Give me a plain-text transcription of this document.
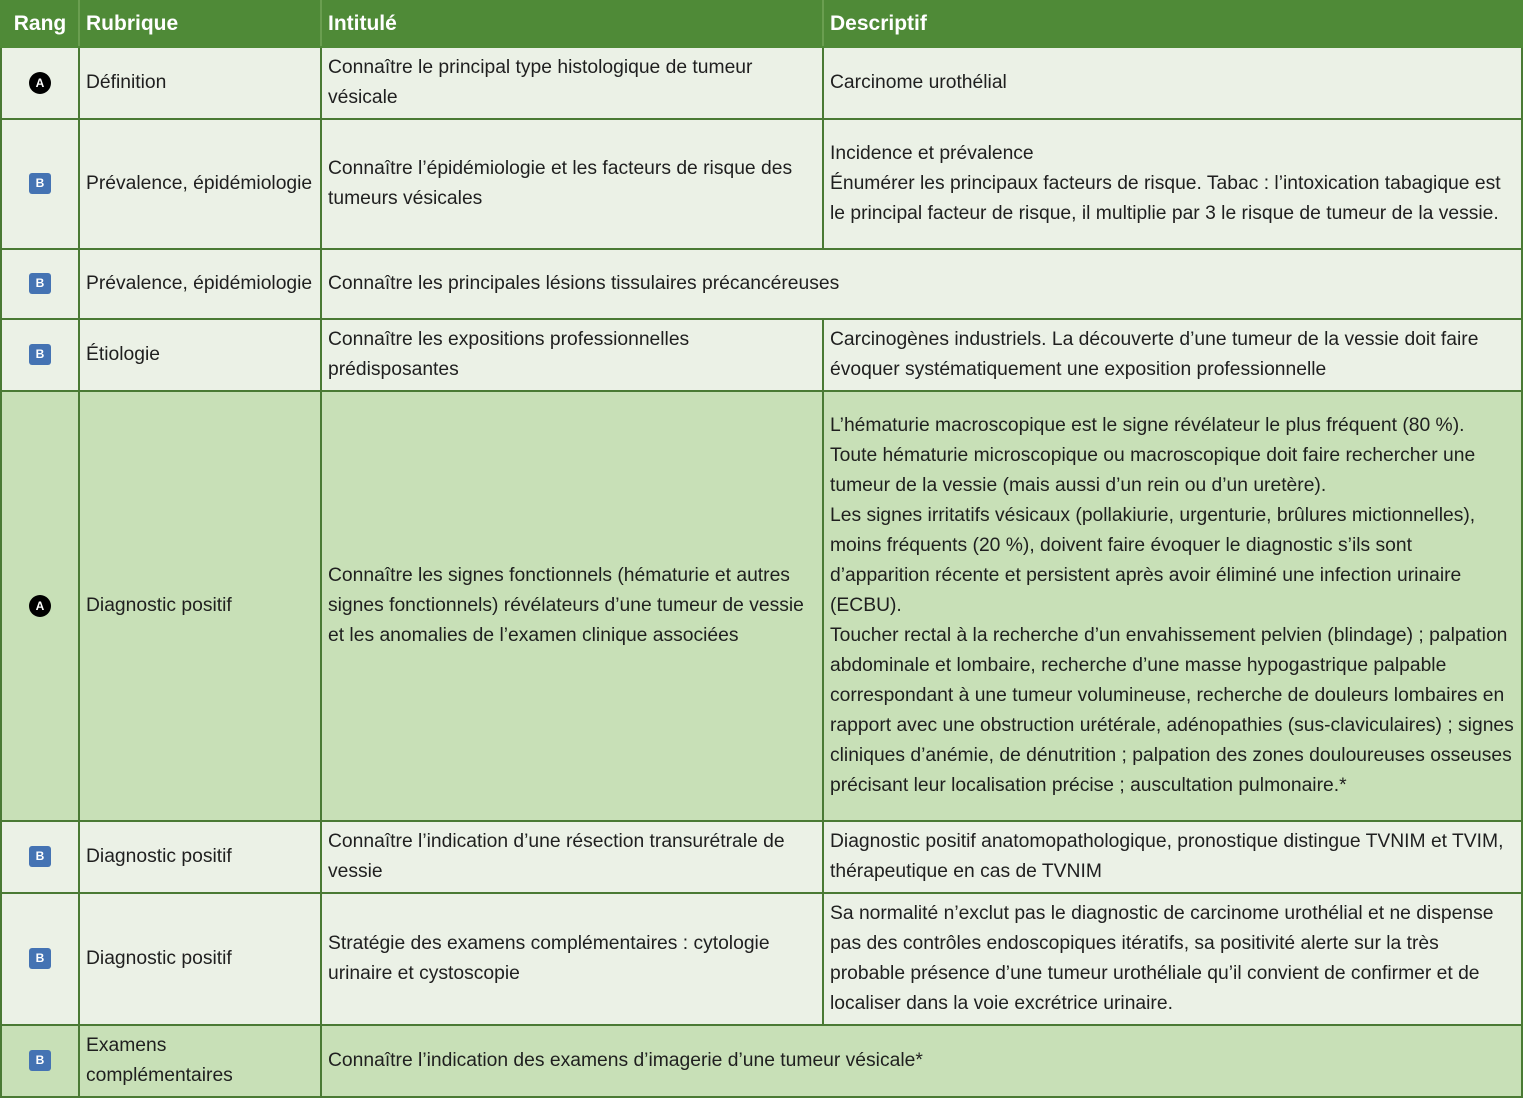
Rang	Rubrique	Intitulé	Descriptif
A	Définition	Connaître le principal type histologique de tumeur vésicale	Carcinome urothélial

B	Prévalence, épidémiologie	Connaître l’épidémiologie et les facteurs de risque des tumeurs vésicales	Incidence et prévalence
Énumérer les principaux facteurs de risque. Tabac : l’intoxication tabagique est le principal facteur de risque, il multiplie par 3 le risque de tumeur de la vessie.

B	Prévalence, épidémiologie	Connaître les principales lésions tissulaires précancéreuses	
B	Étiologie	Connaître les expositions professionnelles prédisposantes	Carcinogènes industriels. La découverte d’une tumeur de la vessie doit faire évoquer systématiquement une exposition professionnelle

A	Diagnostic positif	Connaître les signes fonctionnels (hématurie et autres signes fonctionnels) révélateurs d’une tumeur de vessie et les anomalies de l’examen clinique associées	L’hématurie macroscopique est le signe révélateur le plus fréquent (80 %). Toute hématurie microscopique ou macroscopique doit faire rechercher une tumeur de la vessie (mais aussi d’un rein ou d’un uretère).
Les signes irritatifs vésicaux (pollakiurie, urgenturie, brûlures mictionnelles), moins fréquents (20 %), doivent faire évoquer le diagnostic s’ils sont d’apparition récente et persistent après avoir éliminé une infection urinaire (ECBU).
Toucher rectal à la recherche d’un envahissement pelvien (blindage) ; palpation abdominale et lombaire, recherche d’une masse hypogastrique palpable correspondant à une tumeur volumineuse, recherche de douleurs lombaires en rapport avec une obstruction urétérale, adénopathies (sus-claviculaires) ; signes cliniques d’anémie, de dénutrition ; palpation des zones douloureuses osseuses précisant leur localisation précise ; auscultation pulmonaire.*

B	Diagnostic positif	Connaître l’indication d’une résection transurétrale de vessie	Diagnostic positif anatomopathologique, pronostique distingue TVNIM et TVIM, thérapeutique en cas de TVNIM

B	Diagnostic positif	Stratégie des examens complémentaires : cytologie urinaire et cystoscopie	Sa normalité n’exclut pas le diagnostic de carcinome urothélial et ne dispense pas des contrôles endoscopiques itératifs, sa positivité alerte sur la très probable présence d’une tumeur urothéliale qu’il convient de confirmer et de localiser dans la voie excrétrice urinaire.

B	Examens complémentaires	Connaître l’indication des examens d’imagerie d’une tumeur vésicale*	
